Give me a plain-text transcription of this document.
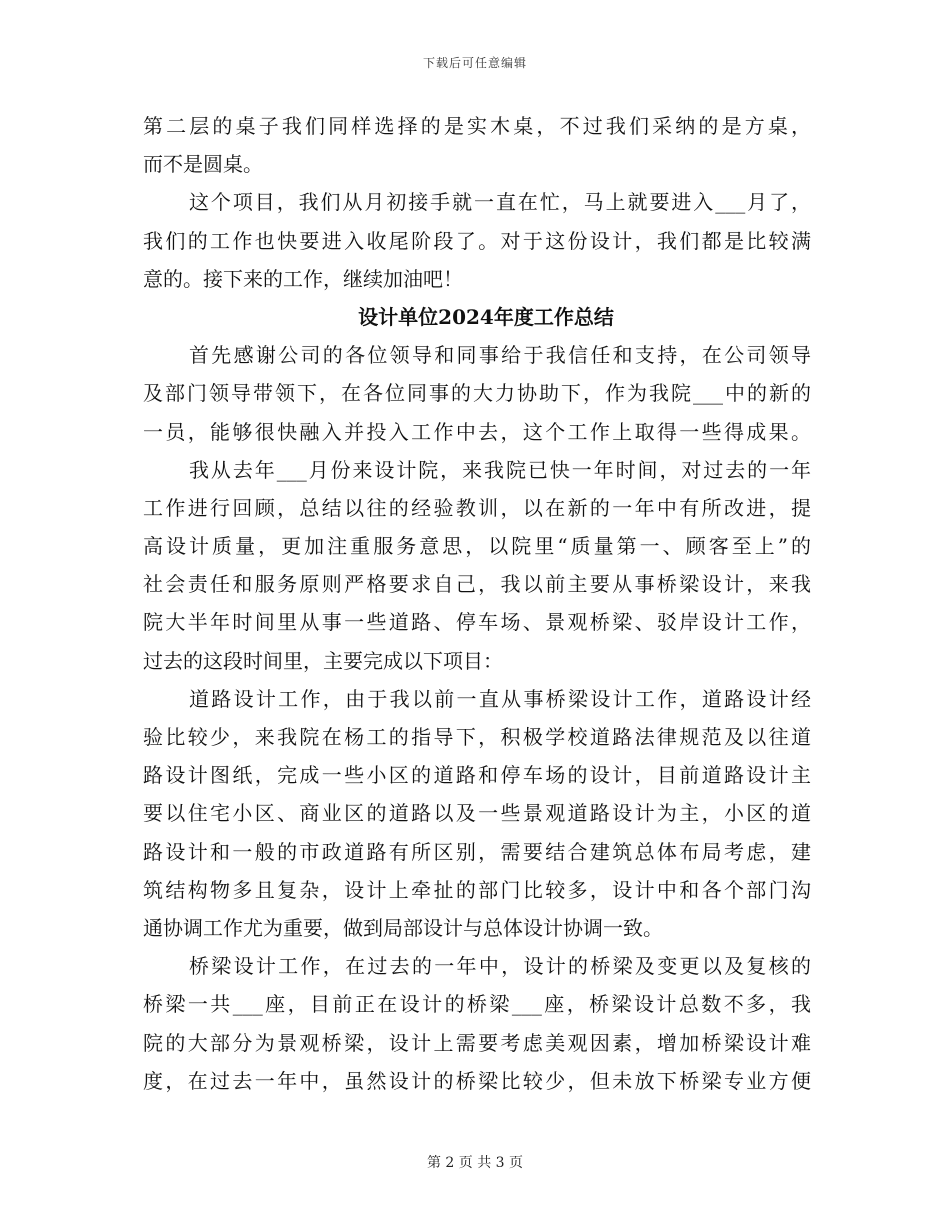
下载后可任意编辑
第二层的桌子我们同样选择的是实木桌，不过我们采纳的是方桌，
而不是圆桌。
这个项目，我们从月初接手就一直在忙，马上就要进入___月了，
我们的工作也快要进入收尾阶段了。对于这份设计，我们都是比较满
意的。接下来的工作，继续加油吧！
设计单位2024年度工作总结
首先感谢公司的各位领导和同事给于我信任和支持，在公司领导
及部门领导带领下，在各位同事的大力协助下，作为我院___中的新的
一员，能够很快融入并投入工作中去，这个工作上取得一些得成果。
我从去年___月份来设计院，来我院已快一年时间，对过去的一年
工作进行回顾，总结以往的经验教训，以在新的一年中有所改进，提
高设计质量，更加注重服务意思，以院里“质量第一、顾客至上”的
社会责任和服务原则严格要求自己，我以前主要从事桥梁设计，来我
院大半年时间里从事一些道路、停车场、景观桥梁、驳岸设计工作，
过去的这段时间里，主要完成以下项目：
道路设计工作，由于我以前一直从事桥梁设计工作，道路设计经
验比较少，来我院在杨工的指导下，积极学校道路法律规范及以往道
路设计图纸，完成一些小区的道路和停车场的设计，目前道路设计主
要以住宅小区、商业区的道路以及一些景观道路设计为主，小区的道
路设计和一般的市政道路有所区别，需要结合建筑总体布局考虑，建
筑结构物多且复杂，设计上牵扯的部门比较多，设计中和各个部门沟
通协调工作尤为重要，做到局部设计与总体设计协调一致。
桥梁设计工作，在过去的一年中，设计的桥梁及变更以及复核的
桥梁一共___座，目前正在设计的桥梁___座，桥梁设计总数不多，我
院的大部分为景观桥梁，设计上需要考虑美观因素，增加桥梁设计难
度，在过去一年中，虽然设计的桥梁比较少，但未放下桥梁专业方便
第 2 页 共 3 页
